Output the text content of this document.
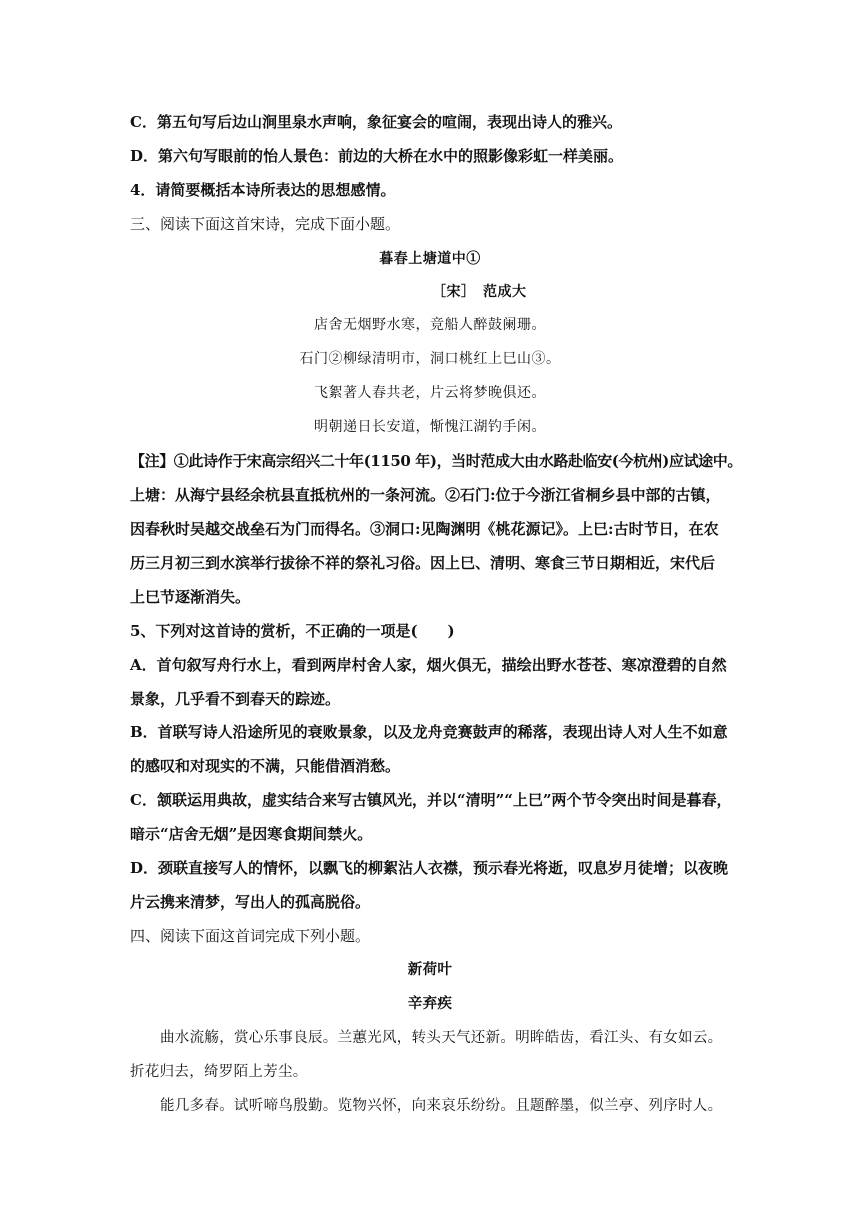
C．第五句写后边山涧里泉水声响，象征宴会的喧闹，表现出诗人的雅兴。
D．第六句写眼前的怡人景色：前边的大桥在水中的照影像彩虹一样美丽。
4．请简要概括本诗所表达的思想感情。
三、阅读下面这首宋诗，完成下面小题。
暮春上塘道中①
［宋］　范成大
店舍无烟野水寒，竞船人醉鼓阑珊。
石门②柳绿清明市，洞口桃红上巳山③。
飞絮著人春共老，片云将梦晚俱还。
明朝递日长安道，惭愧江湖钓手闲。
【注】①此诗作于宋高宗绍兴二十年(1150 年)，当时范成大由水路赴临安(今杭州)应试途中。
上塘：从海宁县经余杭县直抵杭州的一条河流。②石门:位于今浙江省桐乡县中部的古镇，
因春秋时吴越交战垒石为门而得名。③洞口:见陶渊明《桃花源记》。上巳:古时节日，在农
历三月初三到水滨举行拔徐不祥的祭礼习俗。因上巳、清明、寒食三节日期相近，宋代后
上巳节逐渐消失。
5、下列对这首诗的赏析，不正确的一项是(　　)
A．首句叙写舟行水上，看到两岸村舍人家，烟火俱无，描绘出野水苍苍、寒凉澄碧的自然
景象，几乎看不到春天的踪迹。
B．首联写诗人沿途所见的衰败景象，以及龙舟竞赛鼓声的稀落，表现出诗人对人生不如意
的感叹和对现实的不满，只能借酒消愁。
C．颔联运用典故，虚实结合来写古镇风光，并以“清明”“上巳”两个节令突出时间是暮春，
暗示“店舍无烟”是因寒食期间禁火。
D．颈联直接写人的情怀，以飘飞的柳絮沾人衣襟，预示春光将逝，叹息岁月徒增；以夜晚
片云携来清梦，写出人的孤高脱俗。
四、阅读下面这首词完成下列小题。
新荷叶
辛弃疾
曲水流觞，赏心乐事良辰。兰蕙光风，转头天气还新。明眸皓齿，看江头、有女如云。
折花归去，绮罗陌上芳尘。
能几多春。试听啼鸟殷勤。览物兴怀，向来哀乐纷纷。且题醉墨，似兰亭、列序时人。
